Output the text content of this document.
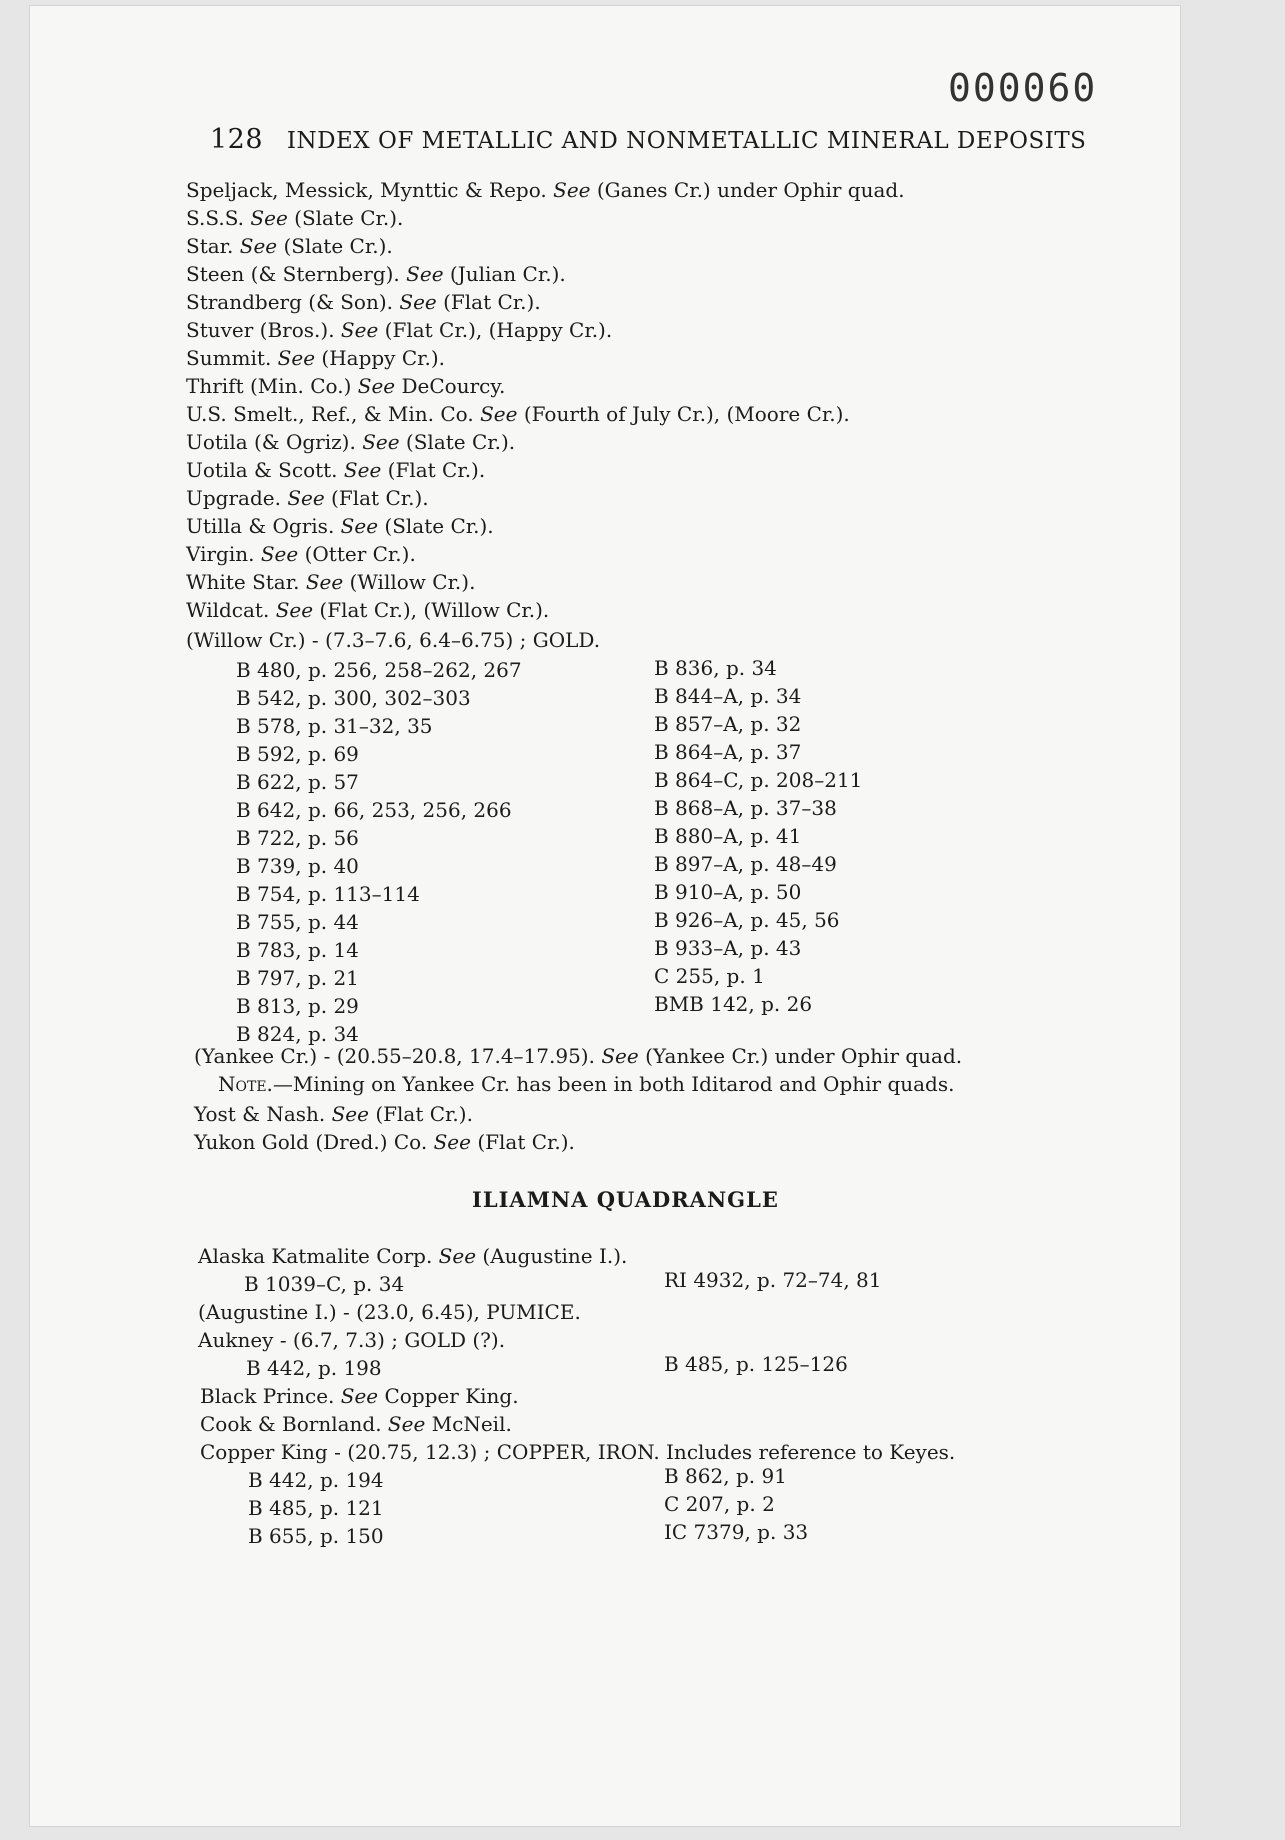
000060
128 INDEX OF METALLIC AND NONMETALLIC MINERAL DEPOSITS
Speljack, Messick, Mynttic & Repo. See (Ganes Cr.) under Ophir quad.
S.S.S. See (Slate Cr.).
Star. See (Slate Cr.).
Steen (& Sternberg). See (Julian Cr.).
Strandberg (& Son). See (Flat Cr.).
Stuver (Bros.). See (Flat Cr.), (Happy Cr.).
Summit. See (Happy Cr.).
Thrift (Min. Co.) See DeCourcy.
U.S. Smelt., Ref., & Min. Co. See (Fourth of July Cr.), (Moore Cr.).
Uotila (& Ogriz). See (Slate Cr.).
Uotila & Scott. See (Flat Cr.).
Upgrade. See (Flat Cr.).
Utilla & Ogris. See (Slate Cr.).
Virgin. See (Otter Cr.).
White Star. See (Willow Cr.).
Wildcat. See (Flat Cr.), (Willow Cr.).
(Willow Cr.) - (7.3–7.6, 6.4–6.75) ; GOLD.
B 480, p. 256, 258–262, 267
B 542, p. 300, 302–303
B 578, p. 31–32, 35
B 592, p. 69
B 622, p. 57
B 642, p. 66, 253, 256, 266
B 722, p. 56
B 739, p. 40
B 754, p. 113–114
B 755, p. 44
B 783, p. 14
B 797, p. 21
B 813, p. 29
B 824, p. 34
B 836, p. 34
B 844–A, p. 34
B 857–A, p. 32
B 864–A, p. 37
B 864–C, p. 208–211
B 868–A, p. 37–38
B 880–A, p. 41
B 897–A, p. 48–49
B 910–A, p. 50
B 926–A, p. 45, 56
B 933–A, p. 43
C 255, p. 1
BMB 142, p. 26
(Yankee Cr.) - (20.55–20.8, 17.4–17.95). See (Yankee Cr.) under Ophir quad.
Note.—Mining on Yankee Cr. has been in both Iditarod and Ophir quads.
Yost & Nash. See (Flat Cr.).
Yukon Gold (Dred.) Co. See (Flat Cr.).
ILIAMNA QUADRANGLE
Alaska Katmalite Corp. See (Augustine I.).
B 1039–C, p. 34	RI 4932, p. 72–74, 81
(Augustine I.) - (23.0, 6.45), PUMICE.
Aukney - (6.7, 7.3) ; GOLD (?).
B 442, p. 198	B 485, p. 125–126
Black Prince. See Copper King.
Cook & Bornland. See McNeil.
Copper King - (20.75, 12.3) ; COPPER, IRON. Includes reference to Keyes.
B 442, p. 194
B 485, p. 121
B 655, p. 150
B 862, p. 91
C 207, p. 2
IC 7379, p. 33
